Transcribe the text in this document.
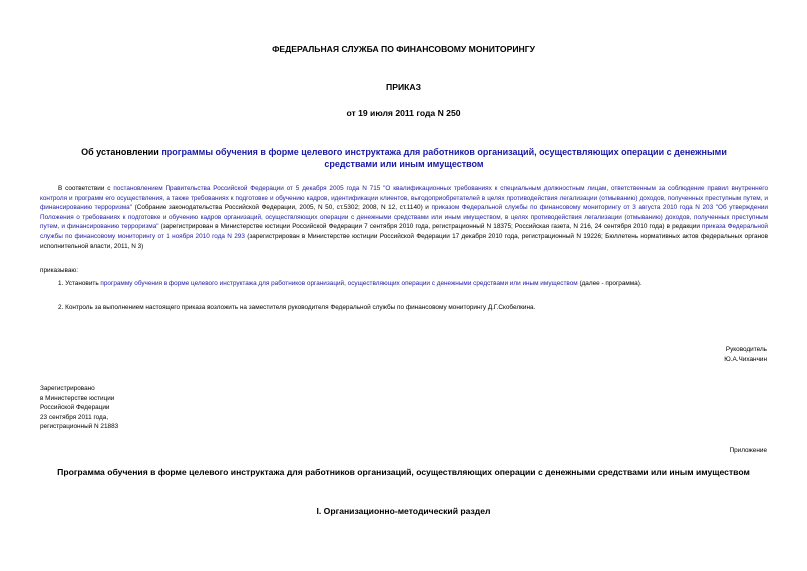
ФЕДЕРАЛЬНАЯ СЛУЖБА ПО ФИНАНСОВОМУ МОНИТОРИНГУ
ПРИКАЗ
от 19 июля 2011 года N 250
Об установлении программы обучения в форме целевого инструктажа для работников организаций, осуществляющих операции с денежными средствами или иным имуществом
В соответствии с постановлением Правительства Российской Федерации от 5 декабря 2005 года N 715 "О квалификационных требованиях к специальным должностным лицам, ответственным за соблюдение правил внутреннего контроля и программ его осуществления, а также требованиях к подготовке и обучению кадров, идентификации клиентов, выгодоприобретателей в целях противодействия легализации (отмыванию) доходов, полученных преступным путем, и финансированию терроризма" (Собрание законодательства Российской Федерации, 2005, N 50, ст.5302; 2008, N 12, ст.1140) и приказом Федеральной службы по финансовому мониторингу от 3 августа 2010 года N 203 "Об утверждении Положения о требованиях к подготовке и обучению кадров организаций, осуществляющих операции с денежными средствами или иным имуществом, в целях противодействия легализации (отмыванию) доходов, полученных преступным путем, и финансированию терроризма" (зарегистрирован в Министерстве юстиции Российской Федерации 7 сентября 2010 года, регистрационный N 18375; Российская газета, N 216, 24 сентября 2010 года) в редакции приказа Федеральной службы по финансовому мониторингу от 1 ноября 2010 года N 293 (зарегистрирован в Министерстве юстиции Российской Федерации 17 декабря 2010 года, регистрационный N 19226; Бюллетень нормативных актов федеральных органов исполнительной власти, 2011, N 3)
приказываю:
1. Установить программу обучения в форме целевого инструктажа для работников организаций, осуществляющих операции с денежными средствами или иным имуществом (далее - программа).
2. Контроль за выполнением настоящего приказа возложить на заместителя руководителя Федеральной службы по финансовому мониторингу Д.Г.Скобелкина.
Руководитель
Ю.А.Чиханчин
Зарегистрировано
в Министерстве юстиции
Российской Федерации
23 сентября 2011 года,
регистрационный N 21883
Приложение
Программа обучения в форме целевого инструктажа для работников организаций, осуществляющих операции с денежными средствами или иным имуществом
I. Организационно-методический раздел
